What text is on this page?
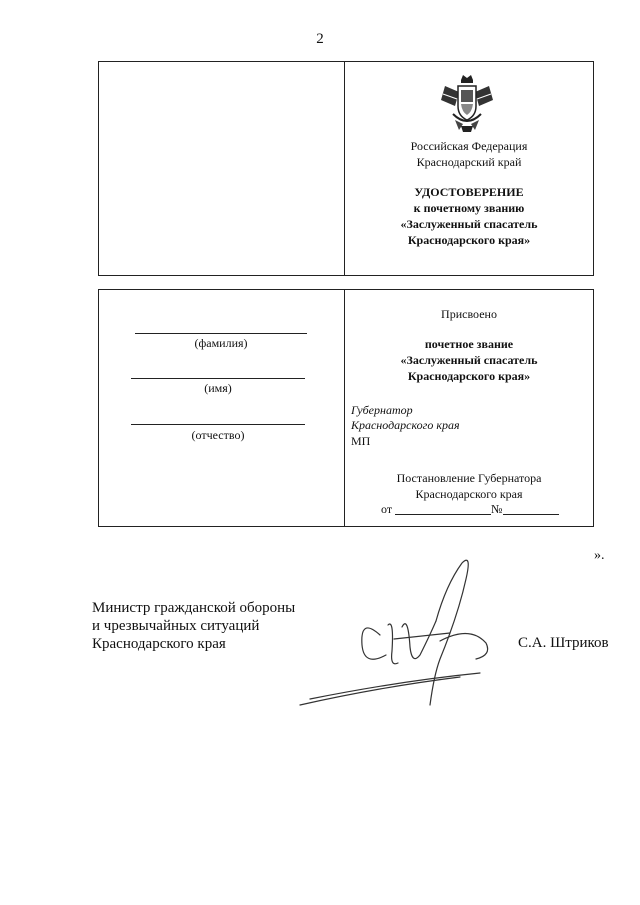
2
Российская Федерация
Краснодарский край
УДОСТОВЕРЕНИЕ
к почетному званию
«Заслуженный спасатель
Краснодарского края»
(фамилия)
(имя)
(отчество)
Присвоено
почетное звание
«Заслуженный спасатель
Краснодарского края»
Губернатор
Краснодарского края
МП
Постановление Губернатора
Краснодарского края
от	№
».
Министр гражданской обороны
и чрезвычайных ситуаций
Краснодарского края	С.А. Штриков
